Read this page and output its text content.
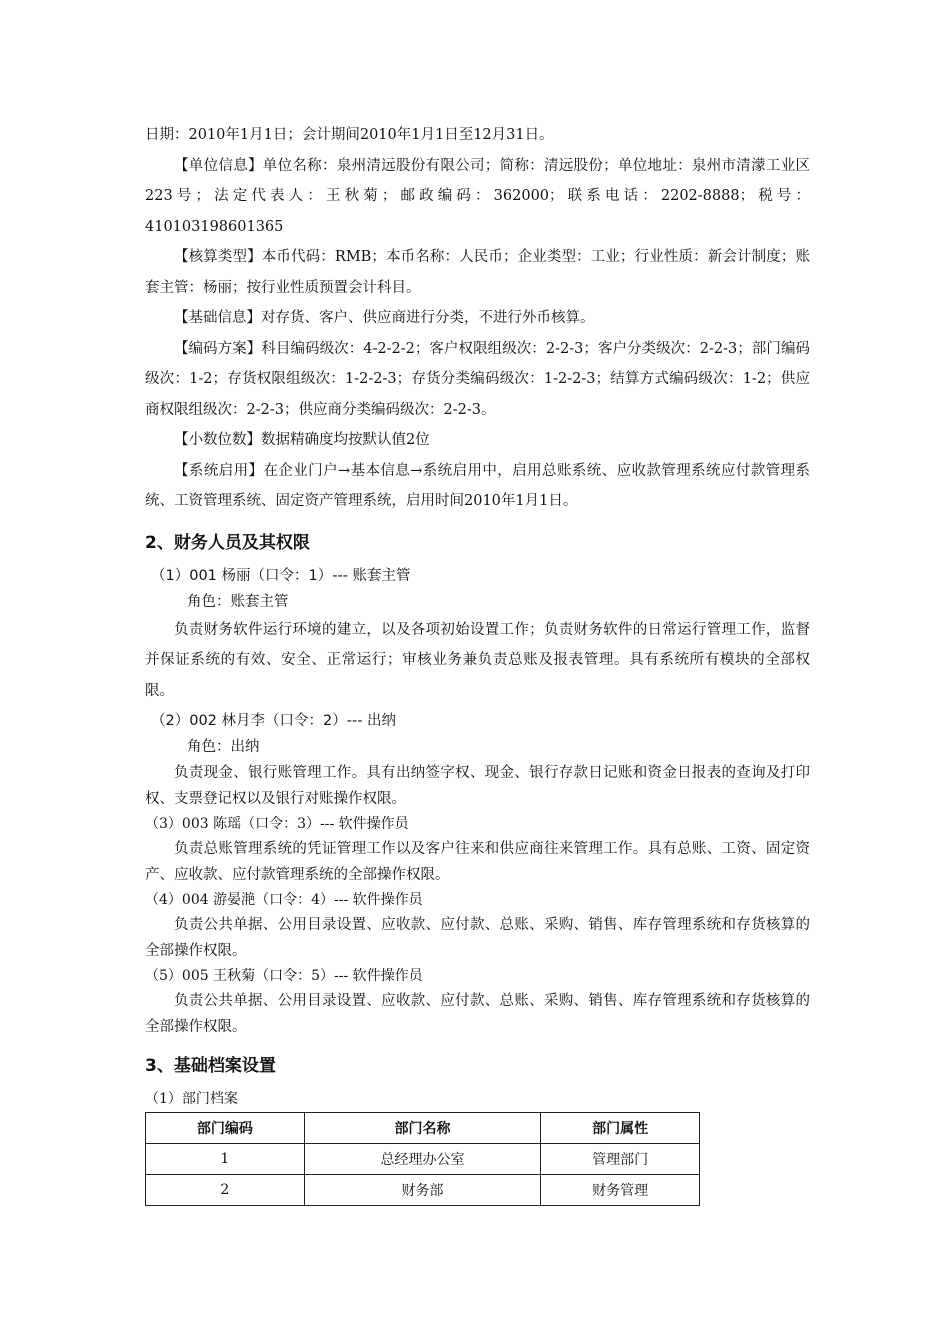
日期：2010年1月1日；会计期间2010年1月1日至12月31日。

【单位信息】单位名称：泉州清远股份有限公司；简称：清远股份；单位地址：泉州市清濛工业区223号；法定代表人：王秋菊；邮政编码：362000；联系电话：2202-8888；税号：410103198601365

【核算类型】本币代码：RMB；本币名称：人民币；企业类型：工业；行业性质：新会计制度；账套主管：杨丽；按行业性质预置会计科目。

【基础信息】对存货、客户、供应商进行分类，不进行外币核算。

【编码方案】科目编码级次：4-2-2-2；客户权限组级次：2-2-3；客户分类级次：2-2-3；部门编码级次：1-2；存货权限组级次：1-2-2-3；存货分类编码级次：1-2-2-3；结算方式编码级次：1-2；供应商权限组级次：2-2-3；供应商分类编码级次：2-2-3。

【小数位数】数据精确度均按默认值2位

【系统启用】在企业门户→基本信息→系统启用中，启用总账系统、应收款管理系统应付款管理系统、工资管理系统、固定资产管理系统，启用时间2010年1月1日。

2、财务人员及其权限
（1）001 杨丽（口令：1）--- 账套主管

角色：账套主管

负责财务软件运行环境的建立，以及各项初始设置工作；负责财务软件的日常运行管理工作，监督并保证系统的有效、安全、正常运行；审核业务兼负责总账及报表管理。具有系统所有模块的全部权限。

（2）002 林月李（口令：2）--- 出纳

角色：出纳

负责现金、银行账管理工作。具有出纳签字权、现金、银行存款日记账和资金日报表的查询及打印权、支票登记权以及银行对账操作权限。

（3）003 陈瑶（口令：3）--- 软件操作员

负责总账管理系统的凭证管理工作以及客户往来和供应商往来管理工作。具有总账、工资、固定资产、应收款、应付款管理系统的全部操作权限。

（4）004 游晏滟（口令：4）--- 软件操作员

负责公共单据、公用目录设置、应收款、应付款、总账、采购、销售、库存管理系统和存货核算的全部操作权限。

（5）005 王秋菊（口令：5）--- 软件操作员

负责公共单据、公用目录设置、应收款、应付款、总账、采购、销售、库存管理系统和存货核算的全部操作权限。

3、基础档案设置
（1）部门档案
部门编码	部门名称	部门属性
1	总经理办公室	管理部门
2	财务部	财务管理
